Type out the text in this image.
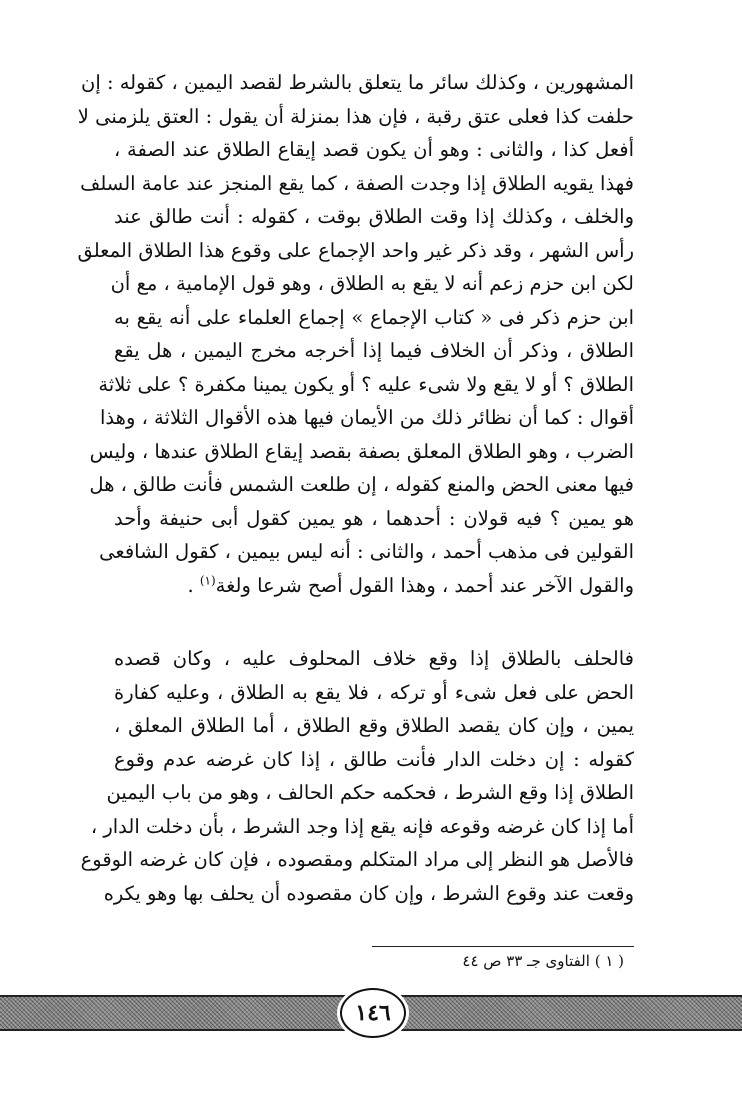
المشهورين ، وكذلك سائر ما يتعلق بالشرط لقصد اليمين ، كقوله : إن
حلفت كذا فعلى عتق رقبة ، فإن هذا بمنزلة أن يقول : العتق يلزمنى لا
أفعل كذا ، والثانى : وهو أن يكون قصد إيقاع الطلاق عند الصفة ،
فهذا يقويه الطلاق إذا وجدت الصفة ، كما يقع المنجز عند عامة السلف
والخلف ، وكذلك إذا وقت الطلاق بوقت ، كقوله : أنت طالق عند
رأس الشهر ، وقد ذكر غير واحد الإجماع على وقوع هذا الطلاق المعلق
لكن ابن حزم زعم أنه لا يقع به الطلاق ، وهو قول الإمامية ، مع أن
ابن حزم ذكر فى « كتاب الإجماع » إجماع العلماء على أنه يقع به
الطلاق ، وذكر أن الخلاف فيما إذا أخرجه مخرج اليمين ، هل يقع
الطلاق ؟ أو لا يقع ولا شىء عليه ؟ أو يكون يمينا مكفرة ؟ على ثلاثة
أقوال : كما أن نظائر ذلك من الأيمان فيها هذه الأقوال الثلاثة ، وهذا
الضرب ، وهو الطلاق المعلق بصفة بقصد إيقاع الطلاق عندها ، وليس
فيها معنى الحض والمنع كقوله ، إن طلعت الشمس فأنت طالق ، هل
هو يمين ؟ فيه قولان : أحدهما ، هو يمين كقول أبى حنيفة وأحد
القولين فى مذهب أحمد ، والثانى : أنه ليس بيمين ، كقول الشافعى
والقول الآخر عند أحمد ، وهذا القول أصح شرعا ولغة$^{(١)}$ .
فالحلف بالطلاق إذا وقع خلاف المحلوف عليه ، وكان قصده
الحض على فعل شىء أو تركه ، فلا يقع به الطلاق ، وعليه كفارة
يمين ، وإن كان يقصد الطلاق وقع الطلاق ، أما الطلاق المعلق ،
كقوله : إن دخلت الدار فأنت طالق ، إذا كان غرضه عدم وقوع
الطلاق إذا وقع الشرط ، فحكمه حكم الحالف ، وهو من باب اليمين
أما إذا كان غرضه وقوعه فإنه يقع إذا وجد الشرط ، بأن دخلت الدار ،
فالأصل هو النظر إلى مراد المتكلم ومقصوده ، فإن كان غرضه الوقوع
وقعت عند وقوع الشرط ، وإن كان مقصوده أن يحلف بها وهو يكره
( ١ ) الفتاوى جـ ٣٣ ص ٤٤
١٤٦
